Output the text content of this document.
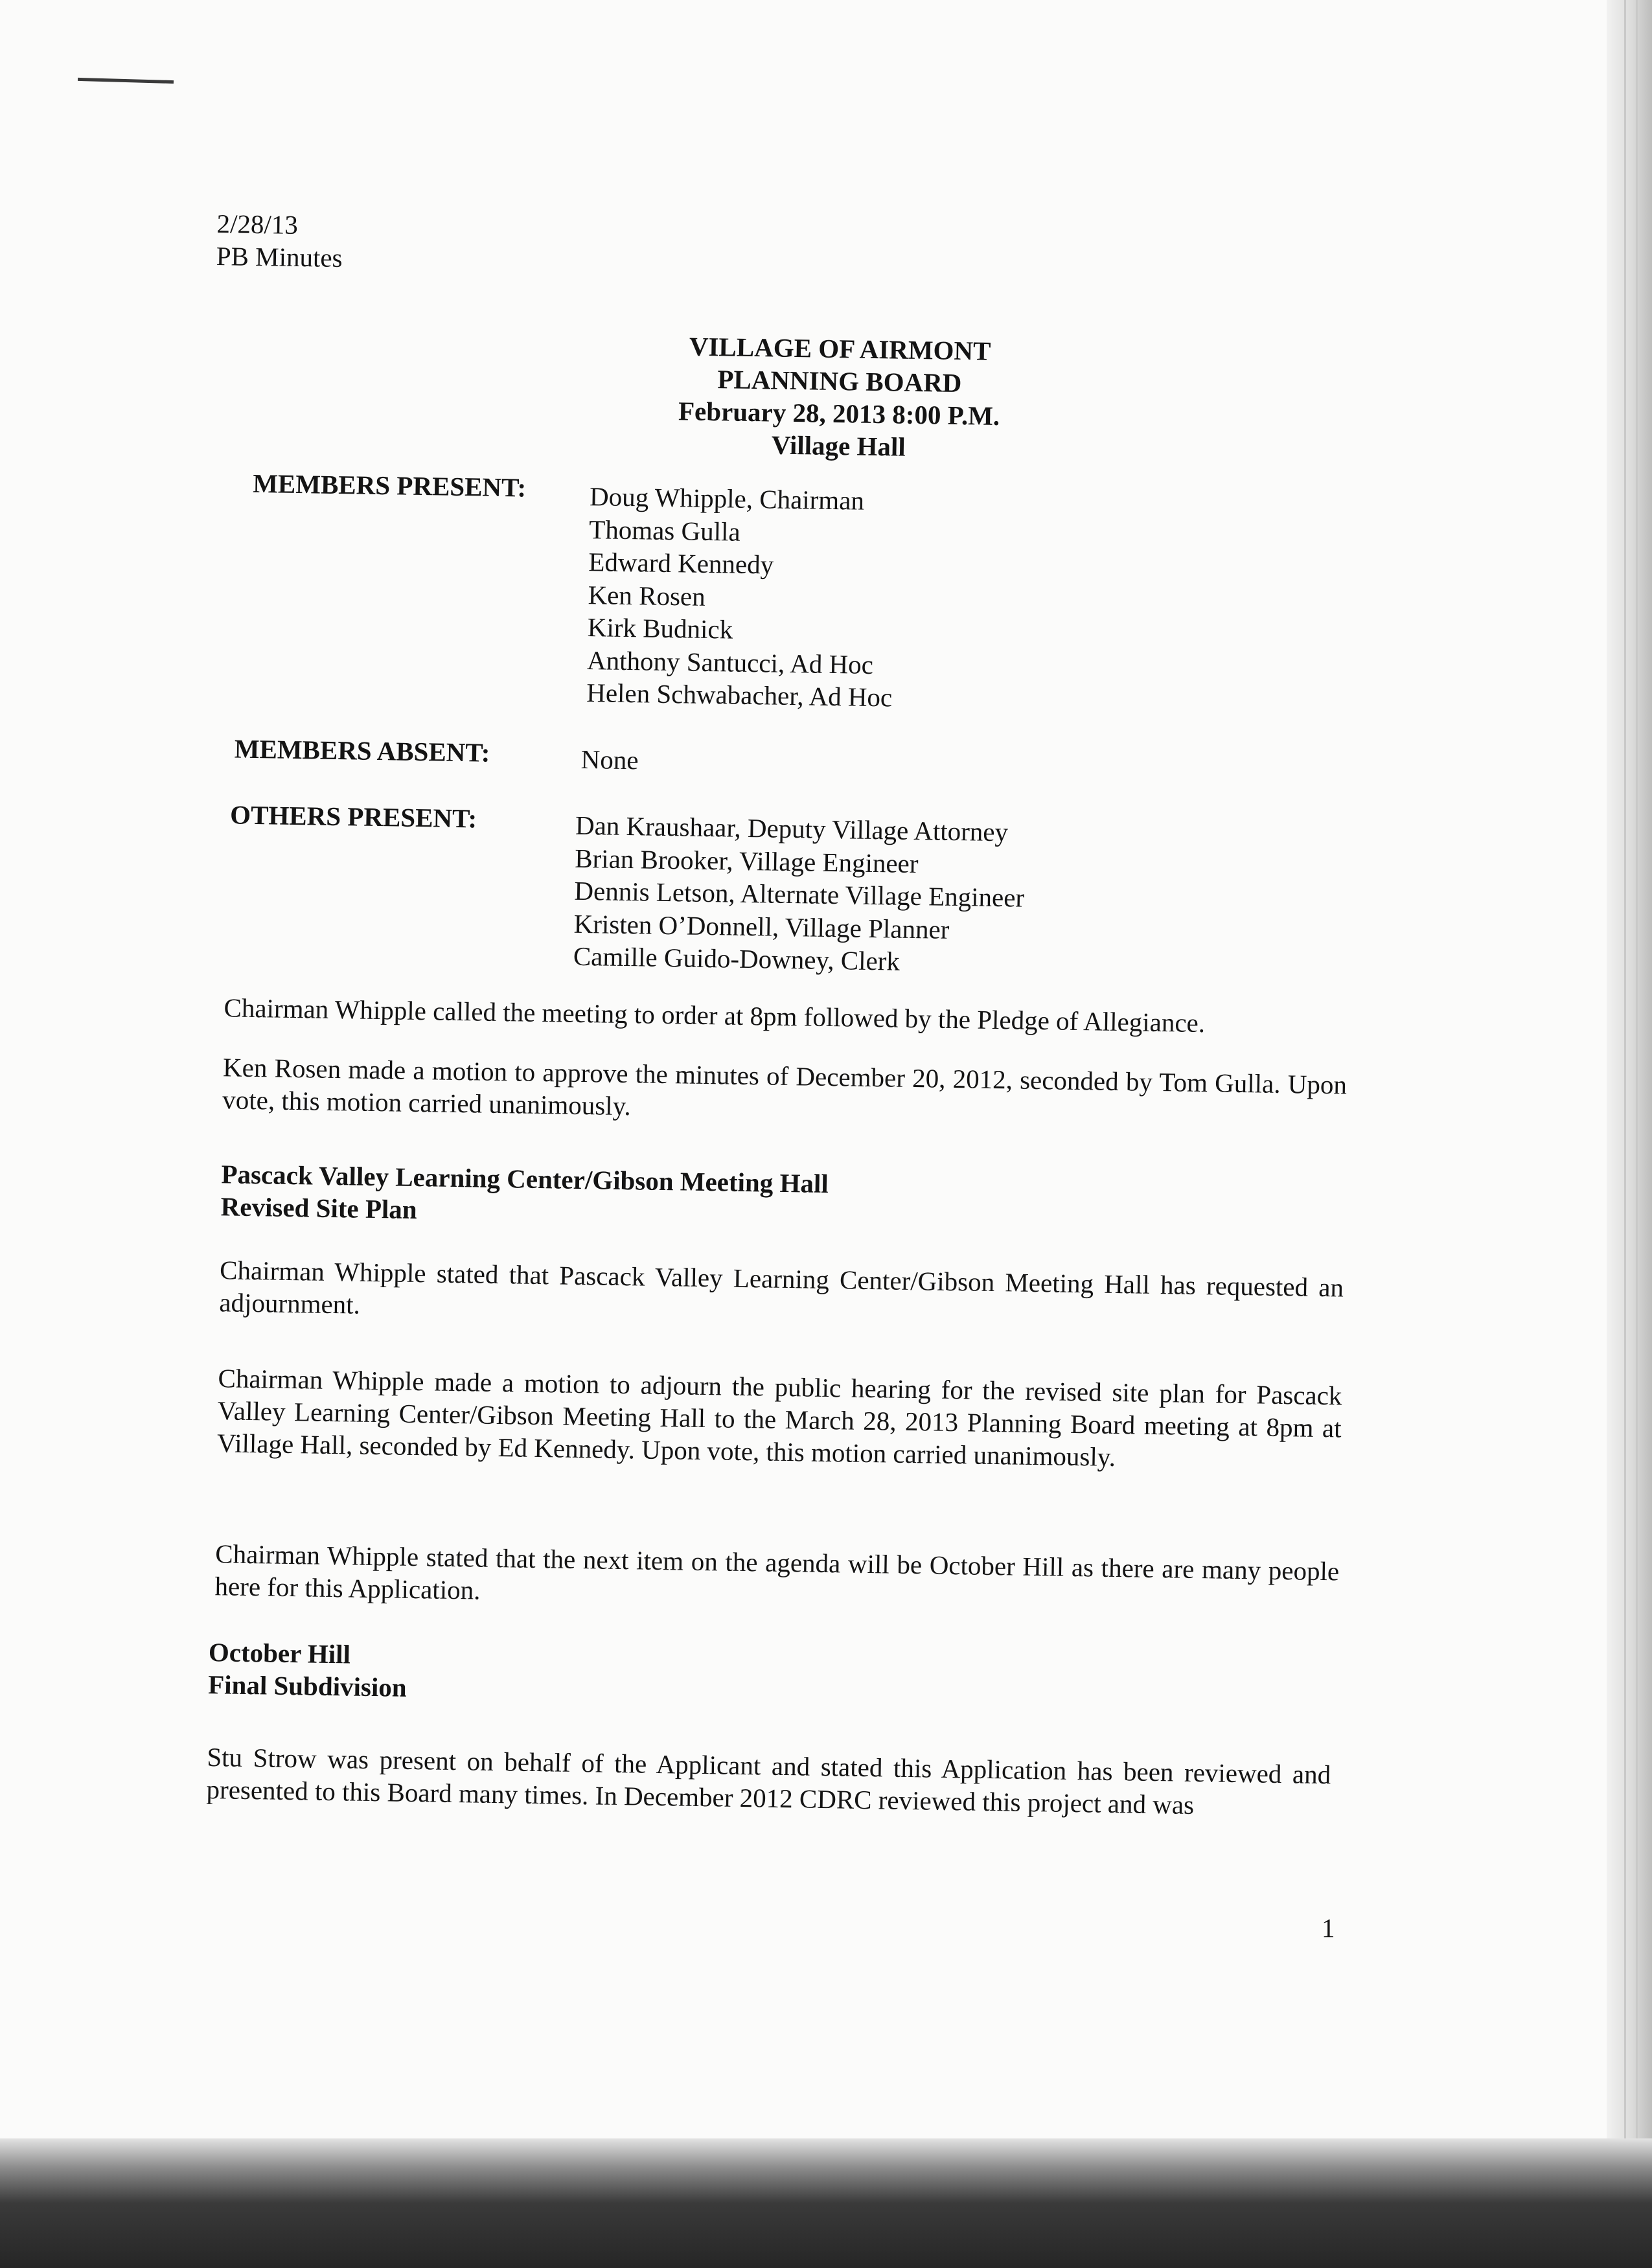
2/28/13
PB Minutes
VILLAGE OF AIRMONT
PLANNING BOARD
February 28, 2013 8:00 P.M.
Village Hall
MEMBERS PRESENT: Doug Whipple, Chairman
Thomas Gulla
Edward Kennedy
Ken Rosen
Kirk Budnick
Anthony Santucci, Ad Hoc
Helen Schwabacher, Ad Hoc
MEMBERS ABSENT:	None
OTHERS PRESENT:	Dan Kraushaar, Deputy Village Attorney
Brian Brooker, Village Engineer
Dennis Letson, Alternate Village Engineer
Kristen O’Donnell, Village Planner
Camille Guido-Downey, Clerk
Chairman Whipple called the meeting to order at 8pm followed by the Pledge of Allegiance.
Ken Rosen made a motion to approve the minutes of December 20, 2012, seconded by Tom Gulla. Upon vote, this motion carried unanimously.
Pascack Valley Learning Center/Gibson Meeting Hall
Revised Site Plan
Chairman Whipple stated that Pascack Valley Learning Center/Gibson Meeting Hall has requested an adjournment.
Chairman Whipple made a motion to adjourn the public hearing for the revised site plan for Pascack Valley Learning Center/Gibson Meeting Hall to the March 28, 2013 Planning Board meeting at 8pm at Village Hall, seconded by Ed Kennedy. Upon vote, this motion carried unanimously.
Chairman Whipple stated that the next item on the agenda will be October Hill as there are many people here for this Application.
October Hill
Final Subdivision
Stu Strow was present on behalf of the Applicant and stated this Application has been reviewed and presented to this Board many times. In December 2012 CDRC reviewed this project and was
1
